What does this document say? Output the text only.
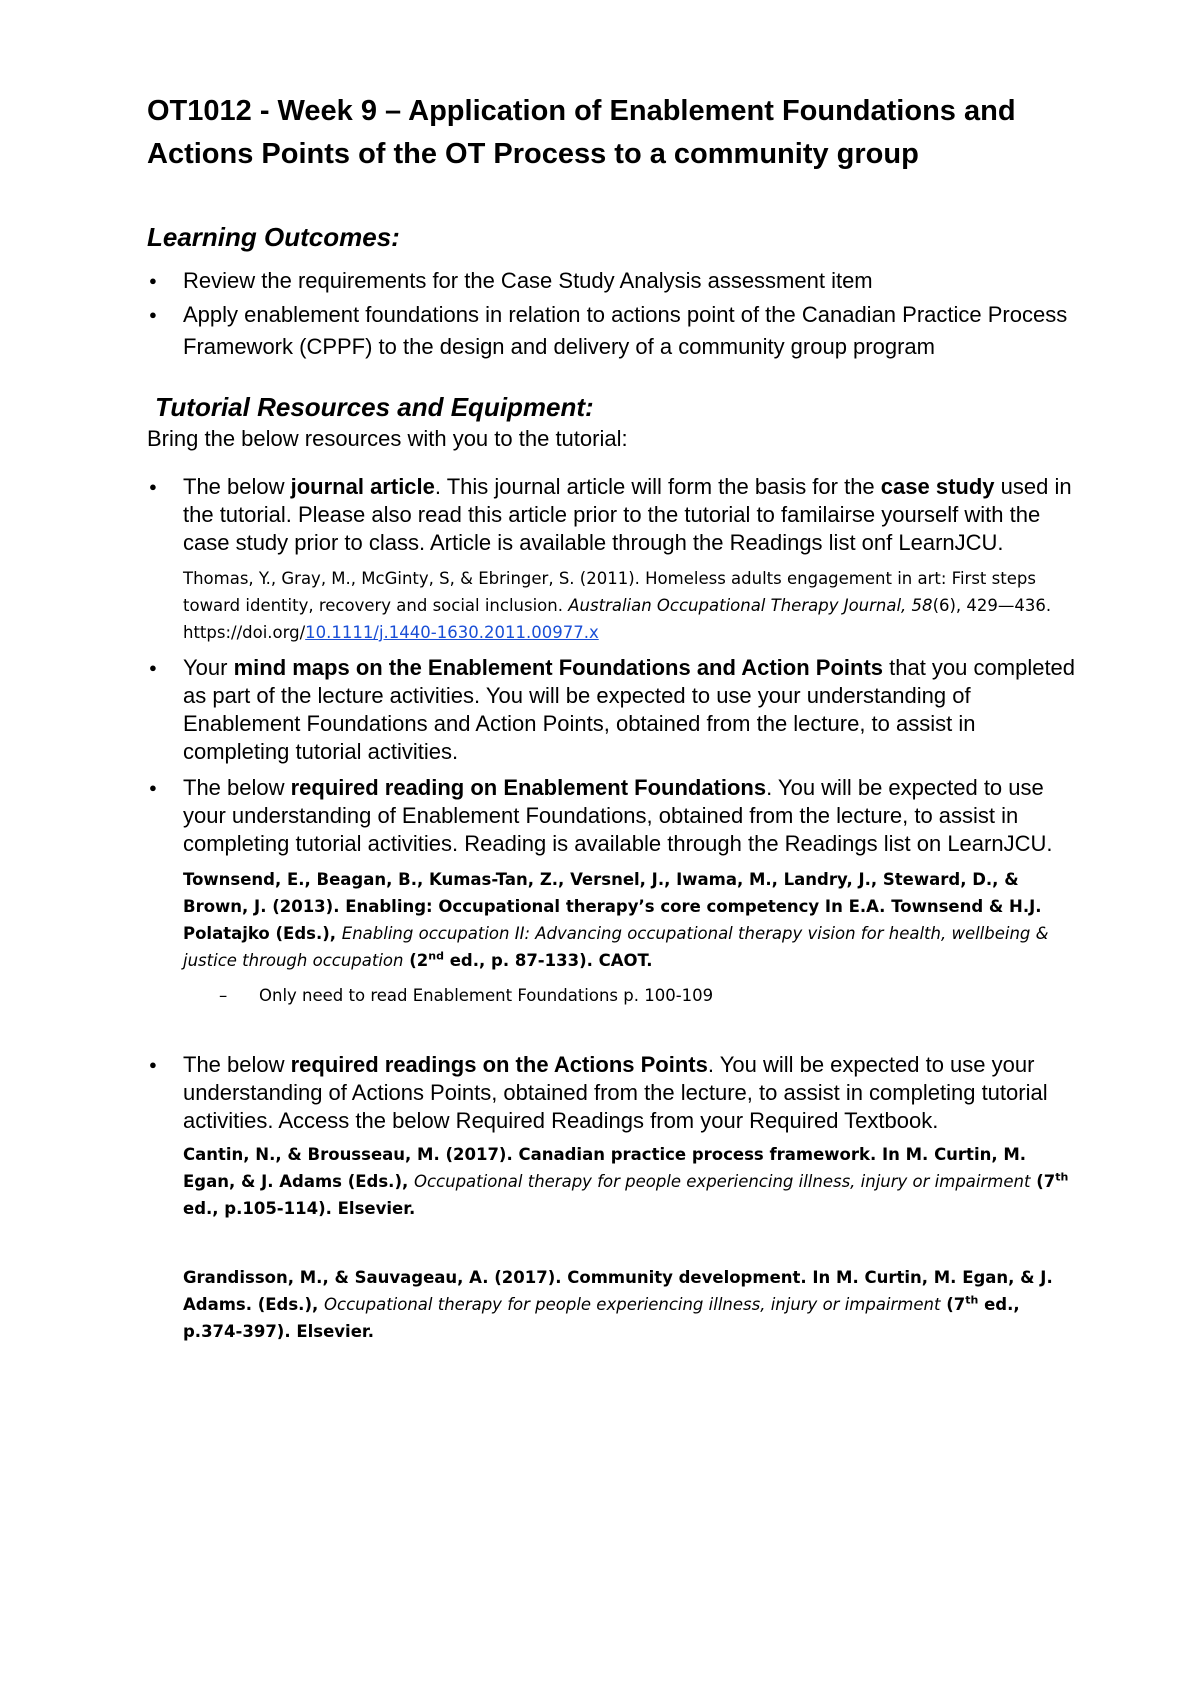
OT1012 - Week 9 – Application of Enablement Foundations and Actions Points of the OT Process to a community group
Learning Outcomes:
● Review the requirements for the Case Study Analysis assessment item
● Apply enablement foundations in relation to actions point of the Canadian Practice Process Framework (CPPF) to the design and delivery of a community group program
Tutorial Resources and Equipment:
Bring the below resources with you to the tutorial:
● The below journal article. This journal article will form the basis for the case study used in the tutorial. Please also read this article prior to the tutorial to familairse yourself with the case study prior to class. Article is available through the Readings list onf LearnJCU.
Thomas, Y., Gray, M., McGinty, S, & Ebringer, S. (2011). Homeless adults engagement in art: First steps toward identity, recovery and social inclusion. Australian Occupational Therapy Journal, 58(6), 429—436. https://doi.org/10.1111/j.1440-1630.2011.00977.x
● Your mind maps on the Enablement Foundations and Action Points that you completed as part of the lecture activities. You will be expected to use your understanding of Enablement Foundations and Action Points, obtained from the lecture, to assist in completing tutorial activities.
● The below required reading on Enablement Foundations. You will be expected to use your understanding of Enablement Foundations, obtained from the lecture, to assist in completing tutorial activities. Reading is available through the Readings list on LearnJCU.
Townsend, E., Beagan, B., Kumas-Tan, Z., Versnel, J., Iwama, M., Landry, J., Steward, D., & Brown, J. (2013). Enabling: Occupational therapy’s core competency In E.A. Townsend & H.J. Polatajko (Eds.), Enabling occupation II: Advancing occupational therapy vision for health, wellbeing & justice through occupation (2nd ed., p. 87-133). CAOT.
– Only need to read Enablement Foundations p. 100-109
● The below required readings on the Actions Points. You will be expected to use your understanding of Actions Points, obtained from the lecture, to assist in completing tutorial activities. Access the below Required Readings from your Required Textbook.
Cantin, N., & Brousseau, M. (2017). Canadian practice process framework. In M. Curtin, M. Egan, & J. Adams (Eds.), Occupational therapy for people experiencing illness, injury or impairment (7th ed., p.105-114). Elsevier.
Grandisson, M., & Sauvageau, A. (2017). Community development. In M. Curtin, M. Egan, & J. Adams. (Eds.), Occupational therapy for people experiencing illness, injury or impairment (7th ed., p.374-397). Elsevier.
